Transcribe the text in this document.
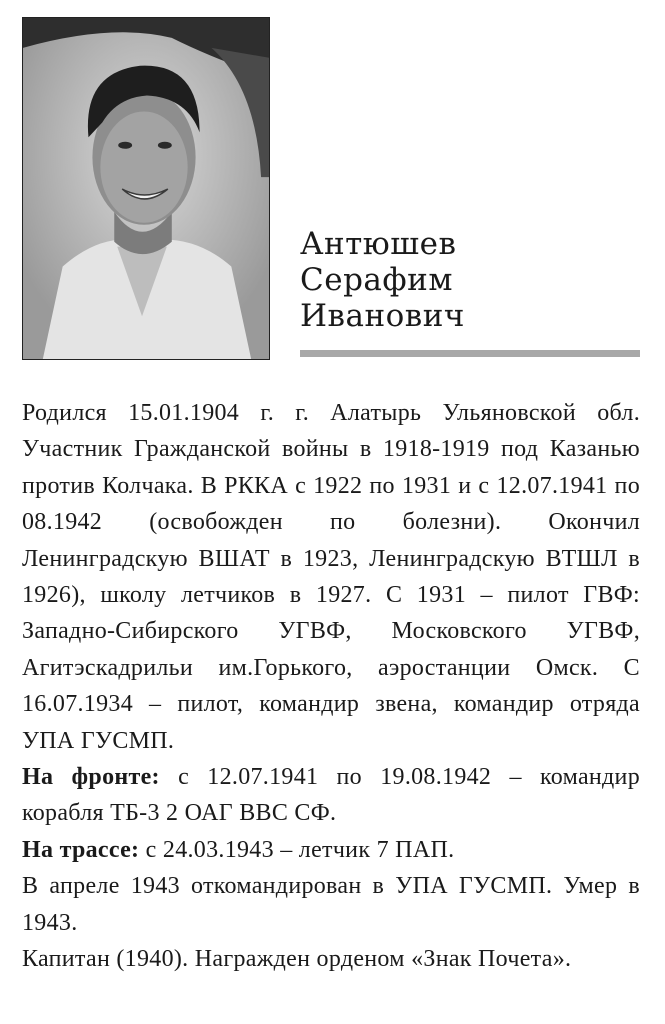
Антюшев
Серафим
Иванович

Родился 15.01.1904 г. г. Алатырь Ульяновской обл. Участник Гражданской войны в 1918-1919 под Казанью против Колчака. В РККА с 1922 по 1931 и с 12.07.1941 по 08.1942 (освобожден по болезни). Окончил Ленинградскую ВШАТ в 1923, Ленинградскую ВТШЛ в 1926), школу летчиков в 1927. С 1931 – пилот ГВФ: Западно-Сибирского УГВФ, Московского УГВФ, Агитэскадрильи им.Горького, аэростанции Омск. С 16.07.1934 – пилот, командир звена, командир отряда УПА ГУСМП.

На фронте: с 12.07.1941 по 19.08.1942 – командир корабля ТБ-3 2 ОАГ ВВС СФ.

На трассе: с 24.03.1943 – летчик 7 ПАП.

В апреле 1943 откомандирован в УПА ГУСМП. Умер в 1943.

Капитан (1940). Награжден орденом «Знак Почета».
